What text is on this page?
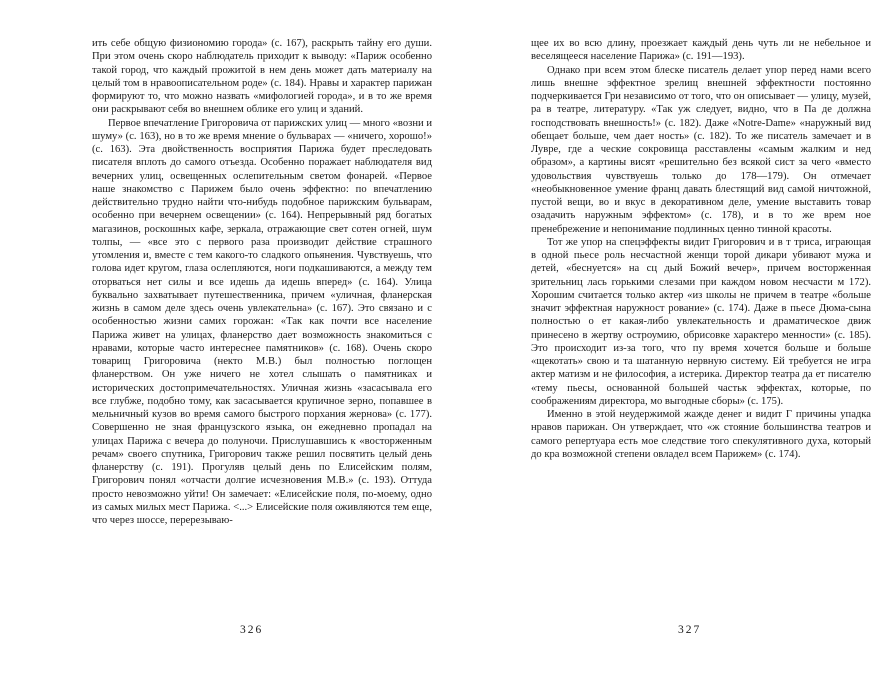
ить себе общую физиономию города» (с. 167), раскрыть тайну его души. При этом очень скоро наблюдатель приходит к выводу: «Париж особенно такой город, что каждый прожитой в нем день может дать материалу на целый том в нравоописательном роде» (с. 184). Нравы и характер парижан формируют то, что можно назвать «мифологией города», и в то же время они раскрывают себя во внешнем облике его улиц и зданий.

Первое впечатление Григоровича от парижских улиц — много «возни и шуму» (с. 163), но в то же время мнение о бульварах — «ничего, хорошо!» (с. 163). Эта двойственность восприятия Парижа будет преследовать писателя вплоть до самого отъезда. Особенно поражает наблюдателя вид вечерних улиц, освещенных ослепительным светом фонарей. «Первое наше знакомство с Парижем было очень эффектно: по впечатлению действительно трудно найти что-нибудь подобное парижским бульварам, особенно при вечернем освещении» (с. 164). Непрерывный ряд богатых магазинов, роскошных кафе, зеркала, отражающие свет сотен огней, шум толпы, — «все это с первого раза производит действие страшного утомления и, вместе с тем какого-то сладкого опьянения. Чувствуешь, что голова идет кругом, глаза ослепляются, ноги подкашиваются, а между тем оторваться нет силы и все идешь да идешь вперед» (с. 164). Улица буквально захватывает путешественника, причем «уличная, фланерская жизнь в самом деле здесь очень увлекательна» (с. 167). Это связано и с особенностью жизни самих горожан: «Так как почти все население Парижа живет на улицах, фланерство дает возможность знакомиться с нравами, которые часто интереснее памятников» (с. 168). Очень скоро товарищ Григоровича (некто М.В.) был полностью поглощен фланерством. Он уже ничего не хотел слышать о памятниках и исторических достопримечательностях. Уличная жизнь «засасывала его все глубже, подобно тому, как засасывается крупичное зерно, попавшее в мельничный кузов во время самого быстрого порхания жернова» (с. 177). Совершенно не зная французского языка, он ежедневно пропадал на улицах Парижа с вечера до полуночи. Прислушавшись к «восторженным речам» своего спутника, Григорович также решил посвятить целый день фланерству (с. 191). Прогуляв целый день по Елисейским полям, Григорович понял «отчасти долгие исчезновения М.В.» (с. 193). Оттуда просто невозможно уйти! Он замечает: «Елисейские поля, по-моему, одно из самых милых мест Парижа. <...> Елисейские поля оживляются тем еще, что через шоссе, перерезываю-

326

щее их во всю длину, проезжает каждый день чуть ли не небельное и веселящееся население Парижа» (с. 191—193).

Однако при всем этом блеске писатель делает упор перед нами всего лишь внешне эффектное зрелищ внешней эффектности постоянно подчеркивается Гри независимо от того, что он описывает — улицу, музей, ра в театре, литературу. «Так уж следует, видно, что в Па де должна господствовать внешность!» (с. 182). Даже «Notre-Dame» «наружный вид обещает больше, чем дает ность» (с. 182). То же писатель замечает и в Лувре, где а ческие сокровища расставлены «самым жалким и нед образом», а картины висят «решительно без всякой сист за чего «вместо удовольствия чувствуешь только до 178—179). Он отмечает «необыкновенное умение франц давать блестящий вид самой ничтожной, пустой вещи, во и вкус в декоративном деле, умение выставить товар озадачить наружным эффектом» (с. 178), и в то же врем ное пренебрежение и непонимание подлинных ценно тинной красоты.

Тот же упор на спецэффекты видит Григорович и в т триса, играющая в одной пьесе роль несчастной женщи торой дикари убивают мужа и детей, «беснуется» на сц дый Божий вечер», причем восторженная зрительниц лась горькими слезами при каждом новом несчасти м 172). Хорошим считается только актер «из школы не причем в театре «больше значит эффектная наружност рование» (с. 174). Даже в пьесе Дюма-сына полностью о ет какая-либо увлекательность и драматическое движ принесено в жертву остроумию, обрисовке характеро менности» (с. 185). Это происходит из-за того, что пу время хочется больше и больше «щекотать» свою и та шатанную нервную систему. Ей требуется не игра актер матизм и не философия, а истерика. Директор театра да ет писателю «тему пьесы, основанной большей частьк эффектах, которые, по соображениям директора, мо выгодные сборы» (с. 175).

Именно в этой неудержимой жажде денег и видит Г причины упадка нравов парижан. Он утверждает, что «ж стояние большинства театров и самого репертуара есть мое следствие того спекулятивного духа, который до кра возможной степени овладел всем Парижем» (с. 174).

327
